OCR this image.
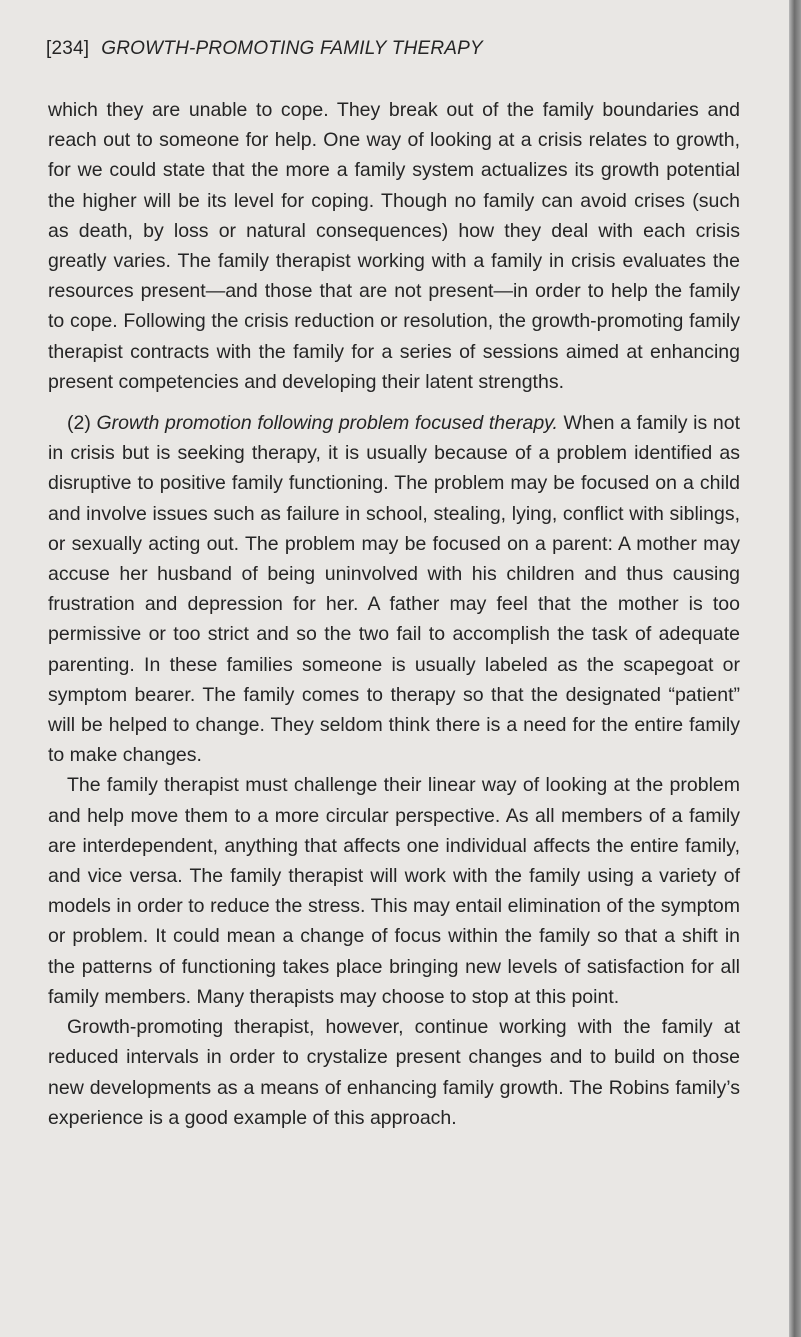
[234] GROWTH-PROMOTING FAMILY THERAPY

which they are unable to cope. They break out of the family boundaries and reach out to someone for help. One way of looking at a crisis relates to growth, for we could state that the more a family system actualizes its growth potential the higher will be its level for coping. Though no family can avoid crises (such as death, by loss or natural consequences) how they deal with each crisis greatly varies. The family therapist working with a family in crisis evaluates the resources present—and those that are not present—in order to help the family to cope. Following the crisis reduction or resolution, the growth-promoting family therapist contracts with the family for a series of sessions aimed at enhancing present competencies and developing their latent strengths.

(2) Growth promotion following problem focused therapy. When a family is not in crisis but is seeking therapy, it is usually because of a problem identified as disruptive to positive family functioning. The problem may be focused on a child and involve issues such as failure in school, stealing, lying, conflict with siblings, or sexually acting out. The problem may be focused on a parent: A mother may accuse her husband of being uninvolved with his children and thus causing frustration and depression for her. A father may feel that the mother is too permissive or too strict and so the two fail to accomplish the task of adequate parenting. In these families someone is usually labeled as the scapegoat or symptom bearer. The family comes to therapy so that the designated “patient” will be helped to change. They seldom think there is a need for the entire family to make changes.

The family therapist must challenge their linear way of looking at the problem and help move them to a more circular perspective. As all members of a family are interdependent, anything that affects one individual affects the entire family, and vice versa. The family therapist will work with the family using a variety of models in order to reduce the stress. This may entail elimination of the symptom or problem. It could mean a change of focus within the family so that a shift in the patterns of functioning takes place bringing new levels of satisfaction for all family members. Many therapists may choose to stop at this point.

Growth-promoting therapist, however, continue working with the family at reduced intervals in order to crystalize present changes and to build on those new developments as a means of enhancing family growth. The Robins family’s experience is a good example of this approach.
